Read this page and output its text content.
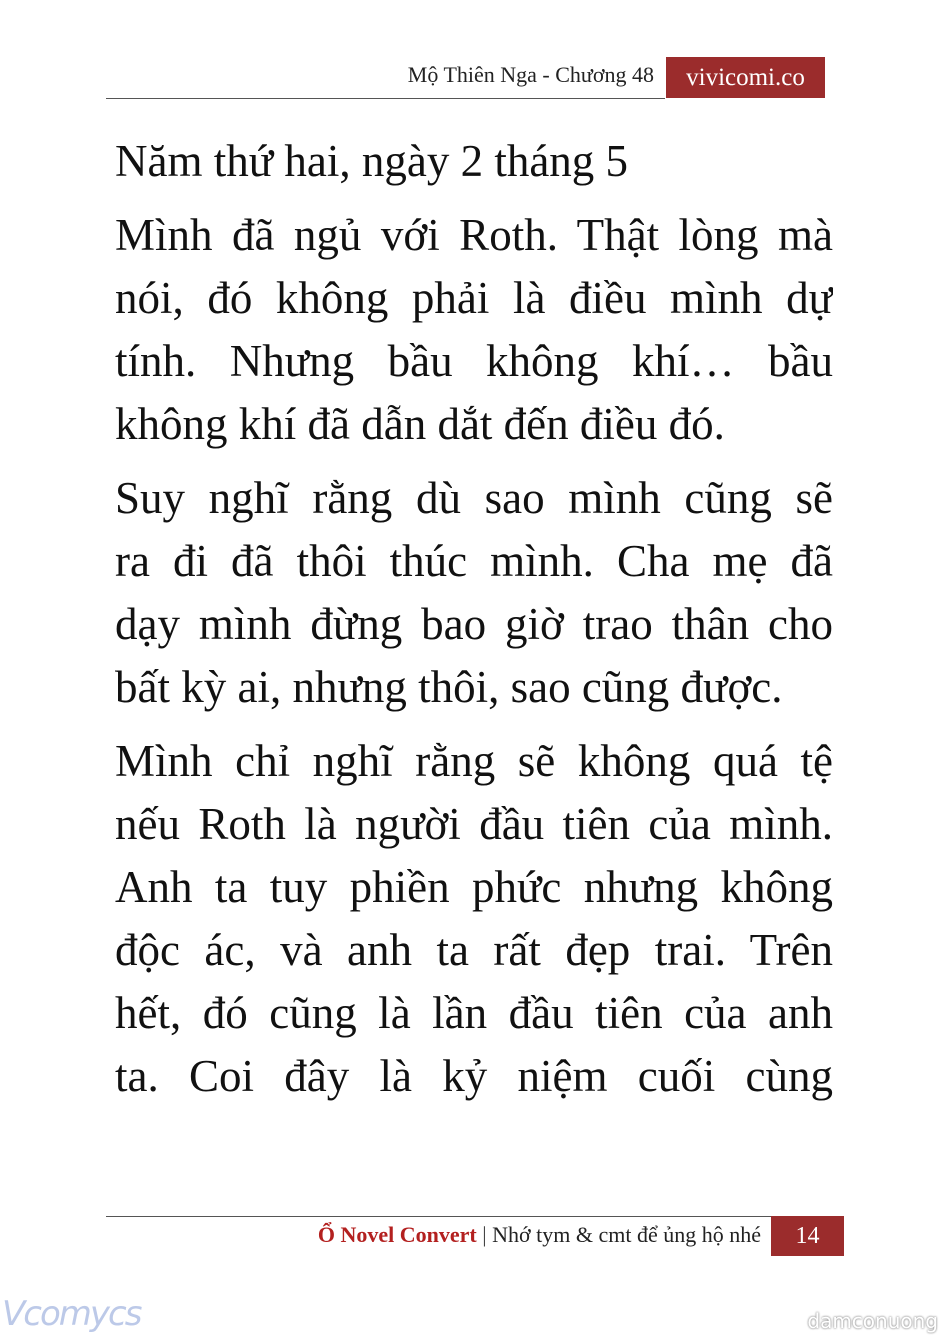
Mộ Thiên Nga - Chương 48	vivicomi.co
Năm thứ hai, ngày 2 tháng 5
Mình đã ngủ với Roth. Thật lòng mà
nói, đó không phải là điều mình dự
tính. Nhưng bầu không khí… bầu
không khí đã dẫn dắt đến điều đó.
Suy nghĩ rằng dù sao mình cũng sẽ
ra đi đã thôi thúc mình. Cha mẹ đã
dạy mình đừng bao giờ trao thân cho
bất kỳ ai, nhưng thôi, sao cũng được.
Mình chỉ nghĩ rằng sẽ không quá tệ
nếu Roth là người đầu tiên của mình.
Anh ta tuy phiền phức nhưng không
độc ác, và anh ta rất đẹp trai. Trên
hết, đó cũng là lần đầu tiên của anh
ta. Coi đây là kỷ niệm cuối cùng
Ổ Novel Convert | Nhớ tym & cmt để ủng hộ nhé	14
Vcomycs	damconuong
